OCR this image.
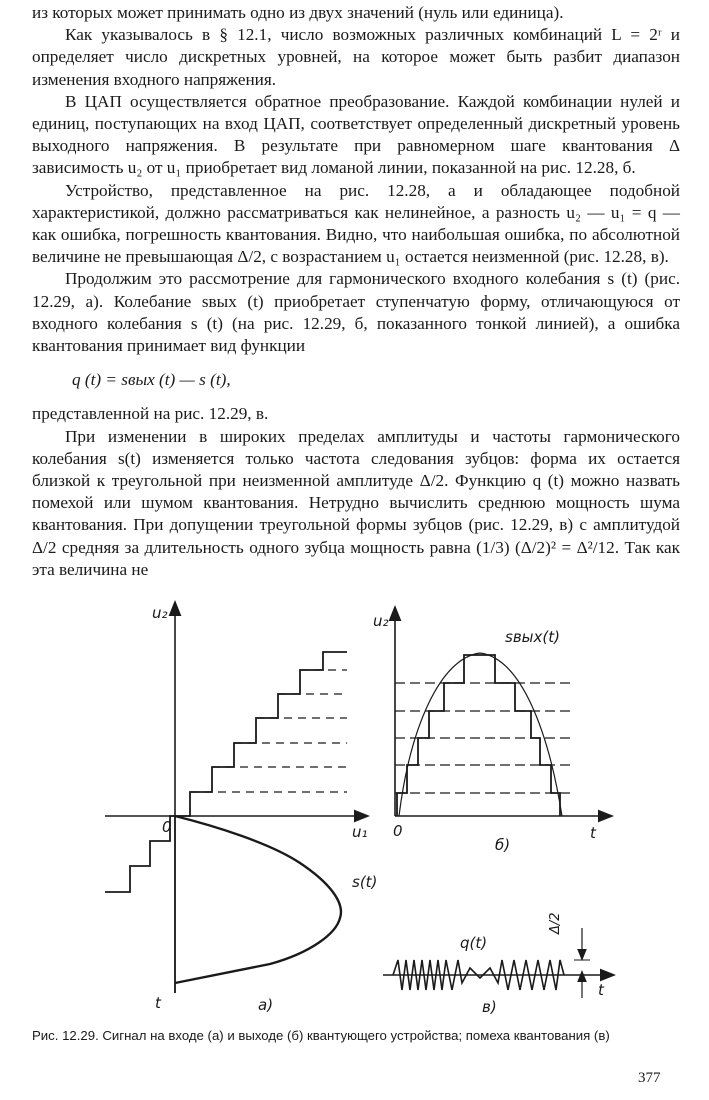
из которых может принимать одно из двух значений (нуль или единица).

Как указывалось в § 12.1, число возможных различных комбинаций L = 2ʳ и определяет число дискретных уровней, на которое может быть разбит диапазон изменения входного напряжения.

В ЦАП осуществляется обратное преобразование. Каждой комбинации нулей и единиц, поступающих на вход ЦАП, соответствует определенный дискретный уровень выходного напряжения. В результате при равномерном шаге квантования Δ зависимость u₂ от u₁ приобретает вид ломаной линии, показанной на рис. 12.28, б.

Устройство, представленное на рис. 12.28, а и обладающее подобной характеристикой, должно рассматриваться как нелинейное, а разность u₂ — u₁ = q — как ошибка, погрешность квантования. Видно, что наибольшая ошибка, по абсолютной величине не превышающая Δ/2, с возрастанием u₁ остается неизменной (рис. 12.28, в).

Продолжим это рассмотрение для гармонического входного колебания s (t) (рис. 12.29, а). Колебание sвых (t) приобретает ступенчатую форму, отличающуюся от входного колебания s (t) (на рис. 12.29, б, показанного тонкой линией), а ошибка квантования принимает вид функции

q (t) = sвых (t) — s (t),

представленной на рис. 12.29, в.

При изменении в широких пределах амплитуды и частоты гармонического колебания s(t) изменяется только частота следования зубцов: форма их остается близкой к треугольной при неизменной амплитуде Δ/2. Функцию q (t) можно назвать помехой или шумом квантования. Нетрудно вычислить среднюю мощность шума квантования. При допущении треугольной формы зубцов (рис. 12.29, в) с амплитудой Δ/2 средняя за длительность одного зубца мощность равна (1/3) (Δ/2)² = Δ²/12. Так как эта величина не

u₂
u₁
0
t
s(t)
а)
u₂
0	t
sвых(t)
б)
q(t)
Δ/2
t
в)
Рис. 12.29. Сигнал на входе (а) и выходе (б) квантующего устройства; помеха квантования (в)
377
